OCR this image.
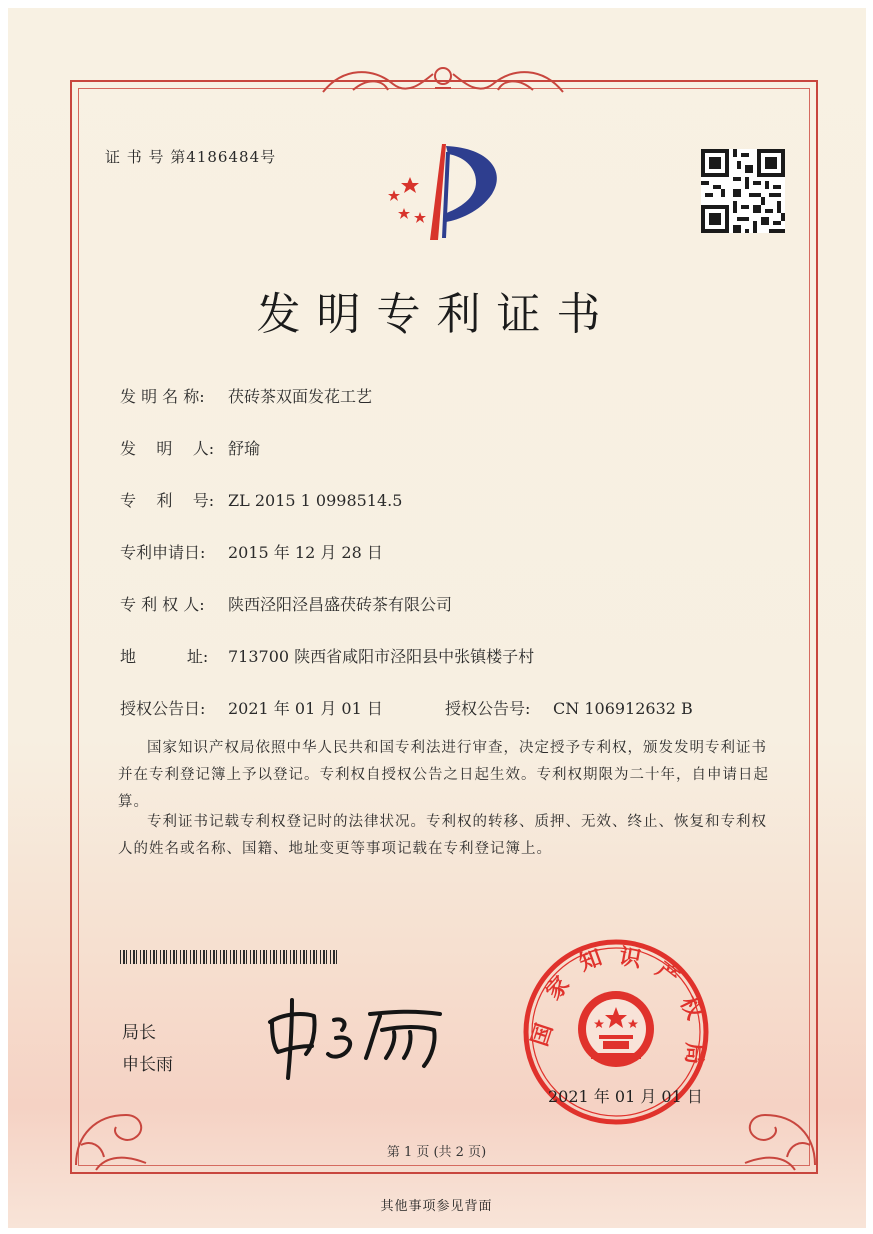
证 书 号 第4186484号
发明专利证书
发 明 名 称: 茯砖茶双面发花工艺
发    明    人: 舒瑜
专    利    号: ZL 2015 1 0998514.5
专利申请日: 2015 年 12 月 28 日
专 利 权 人: 陕西泾阳泾昌盛茯砖茶有限公司
地          址: 713700 陕西省咸阳市泾阳县中张镇楼子村
授权公告日: 2021 年 01 月 01 日	授权公告号: CN 106912632 B
国家知识产权局依照中华人民共和国专利法进行审查，决定授予专利权，颁发发明专利证书并在专利登记簿上予以登记。专利权自授权公告之日起生效。专利权期限为二十年，自申请日起算。
专利证书记载专利权登记时的法律状况。专利权的转移、质押、无效、终止、恢复和专利权人的姓名或名称、国籍、地址变更等事项记载在专利登记簿上。
局长
申长雨
国
家
知 识 产
权
局
2021 年 01 月 01 日
第 1 页 (共 2 页)
其他事项参见背面
